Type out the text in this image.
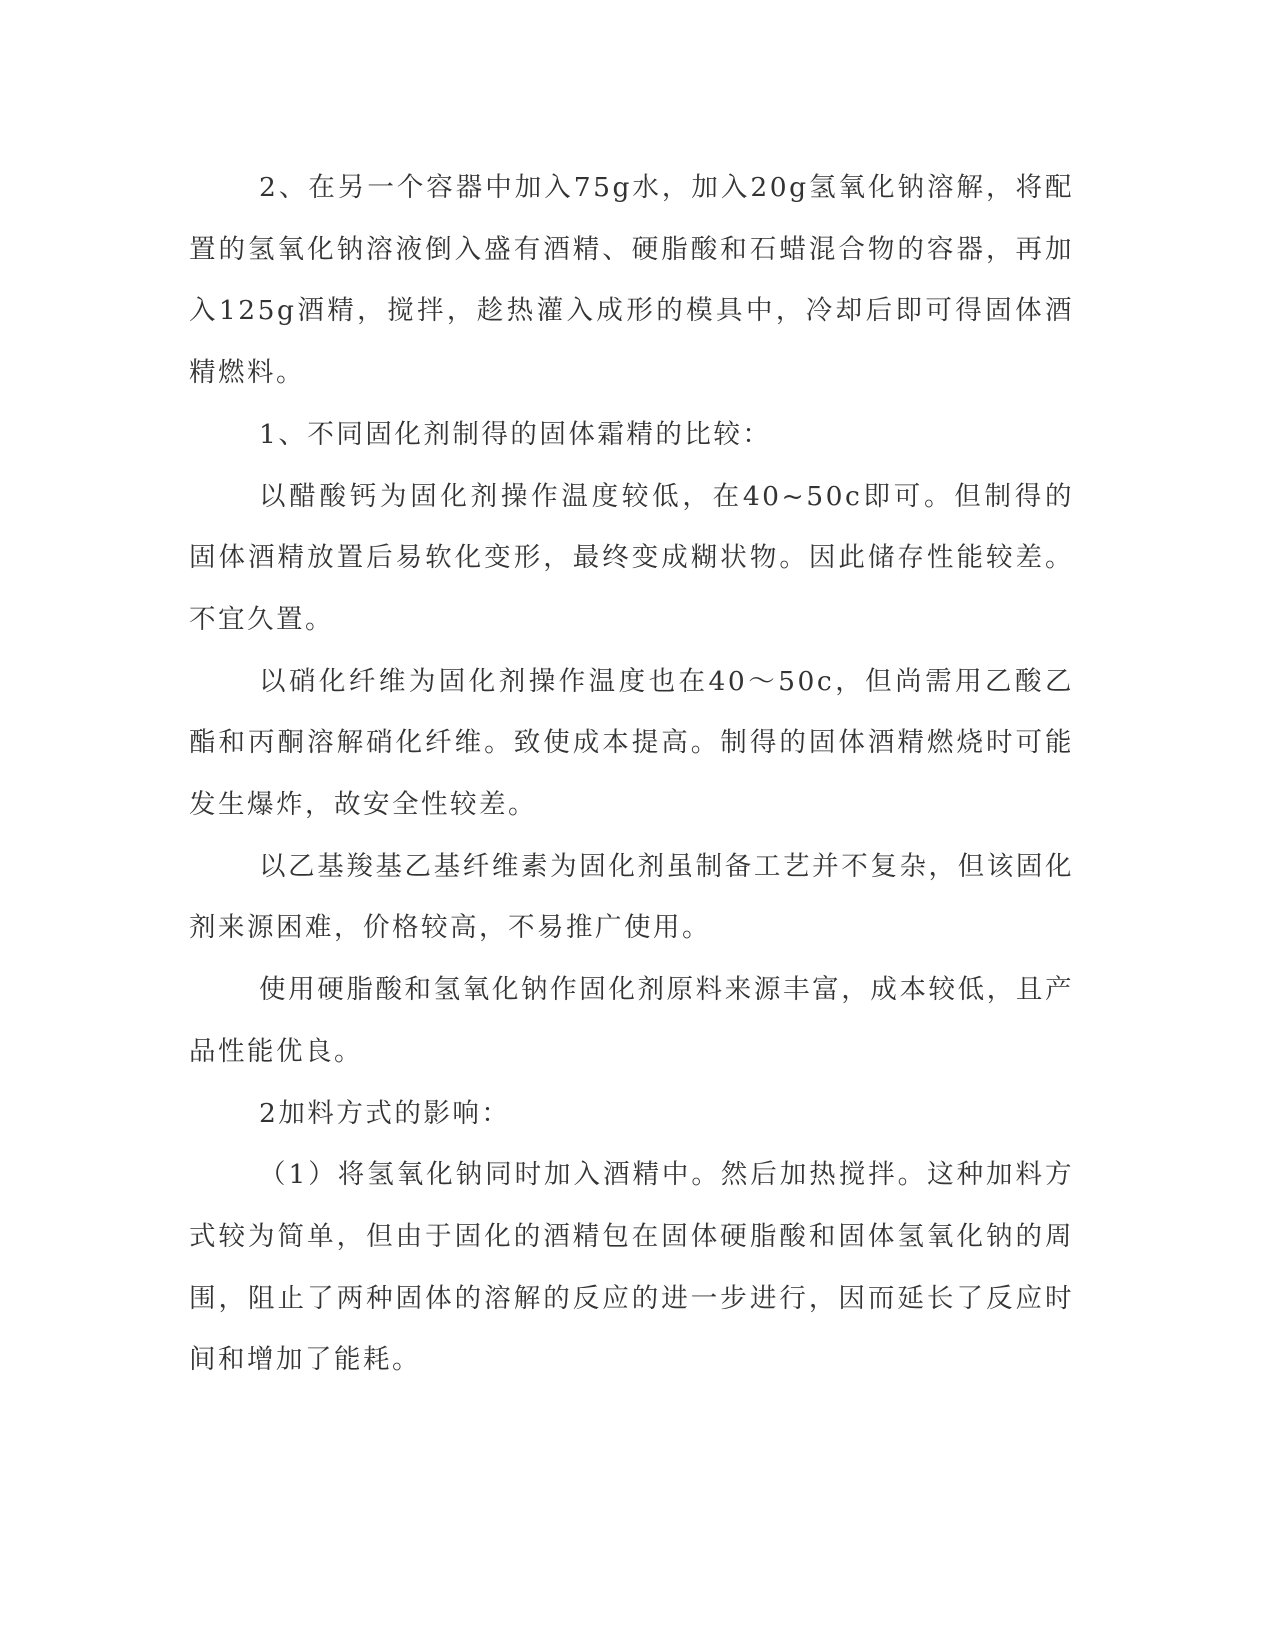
2、在另一个容器中加入75g水，加入20g氢氧化钠溶解，将配置的氢氧化钠溶液倒入盛有酒精、硬脂酸和石蜡混合物的容器，再加入125g酒精，搅拌，趁热灌入成形的模具中，冷却后即可得固体酒精燃料。

1、不同固化剂制得的固体霜精的比较：

以醋酸钙为固化剂操作温度较低，在40~50c即可。但制得的固体酒精放置后易软化变形，最终变成糊状物。因此储存性能较差。不宜久置。

以硝化纤维为固化剂操作温度也在40～50c，但尚需用乙酸乙酯和丙酮溶解硝化纤维。致使成本提高。制得的固体酒精燃烧时可能发生爆炸，故安全性较差。

以乙基羧基乙基纤维素为固化剂虽制备工艺并不复杂，但该固化剂来源困难，价格较高，不易推广使用。

使用硬脂酸和氢氧化钠作固化剂原料来源丰富，成本较低，且产品性能优良。

2加料方式的影响：

（1）将氢氧化钠同时加入酒精中。然后加热搅拌。这种加料方式较为简单，但由于固化的酒精包在固体硬脂酸和固体氢氧化钠的周围，阻止了两种固体的溶解的反应的进一步进行，因而延长了反应时间和增加了能耗。
